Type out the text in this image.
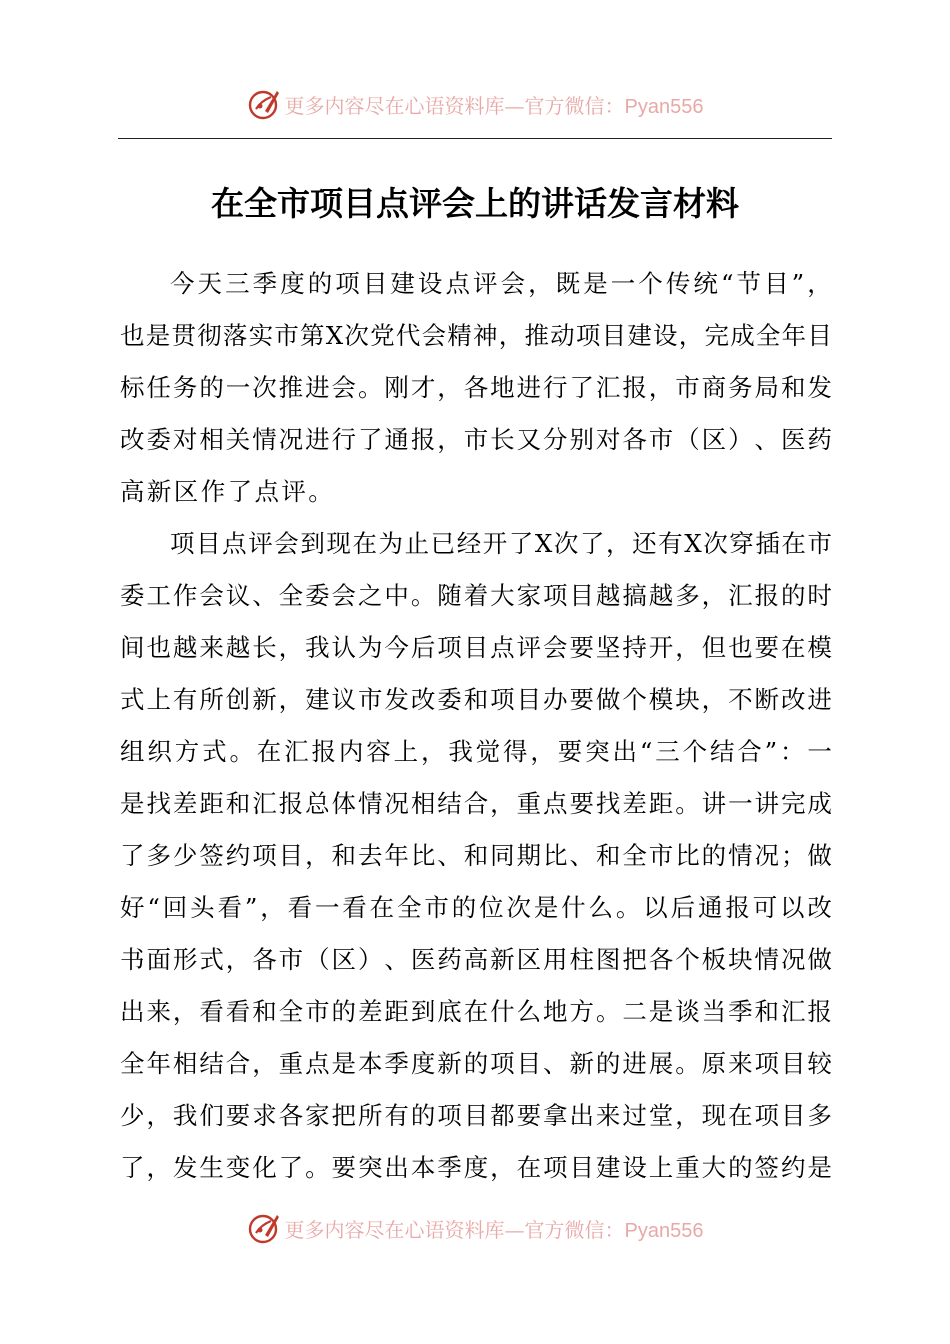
更多内容尽在心语资料库—官方微信：Pyan556
在全市项目点评会上的讲话发言材料
今 天 三 季 度 的 项 目 建 设 点 评 会 ， 既 是 一 个 传 统 “ 节 目 ” ，
也 是 贯 彻 落 实 市 第 X 次 党 代 会 精 神 ， 推 动 项 目 建 设 ， 完 成 全 年 目
标 任 务 的 一 次 推 进 会 。 刚 才 ， 各 地 进 行 了 汇 报 ， 市 商 务 局 和 发
改 委 对 相 关 情 况 进 行 了 通 报 ， 市 长 又 分 别 对 各 市 （ 区 ） 、 医 药
高新区作了点评。
项 目 点 评 会 到 现 在 为 止 已 经 开 了 X 次 了 ， 还 有 X 次 穿 插 在 市
委 工 作 会 议 、 全 委 会 之 中 。 随 着 大 家 项 目 越 搞 越 多 ， 汇 报 的 时
间 也 越 来 越 长 ， 我 认 为 今 后 项 目 点 评 会 要 坚 持 开 ， 但 也 要 在 模
式 上 有 所 创 新 ， 建 议 市 发 改 委 和 项 目 办 要 做 个 模 块 ， 不 断 改 进
组 织 方 式 。 在 汇 报 内 容 上 ， 我 觉 得 ， 要 突 出 “ 三 个 结 合 ” ： 一
是 找 差 距 和 汇 报 总 体 情 况 相 结 合 ， 重 点 要 找 差 距 。 讲 一 讲 完 成
了 多 少 签 约 项 目 ， 和 去 年 比 、 和 同 期 比 、 和 全 市 比 的 情 况 ； 做
好 “ 回 头 看 ” ， 看 一 看 在 全 市 的 位 次 是 什 么 。 以 后 通 报 可 以 改
书 面 形 式 ， 各 市 （ 区 ） 、 医 药 高 新 区 用 柱 图 把 各 个 板 块 情 况 做
出 来 ， 看 看 和 全 市 的 差 距 到 底 在 什 么 地 方 。 二 是 谈 当 季 和 汇 报
全 年 相 结 合 ， 重 点 是 本 季 度 新 的 项 目 、 新 的 进 展 。 原 来 项 目 较
少 ， 我 们 要 求 各 家 把 所 有 的 项 目 都 要 拿 出 来 过 堂 ， 现 在 项 目 多
了 ， 发 生 变 化 了 。 要 突 出 本 季 度 ， 在 项 目 建 设 上 重 大 的 签 约 是
更多内容尽在心语资料库—官方微信：Pyan556
